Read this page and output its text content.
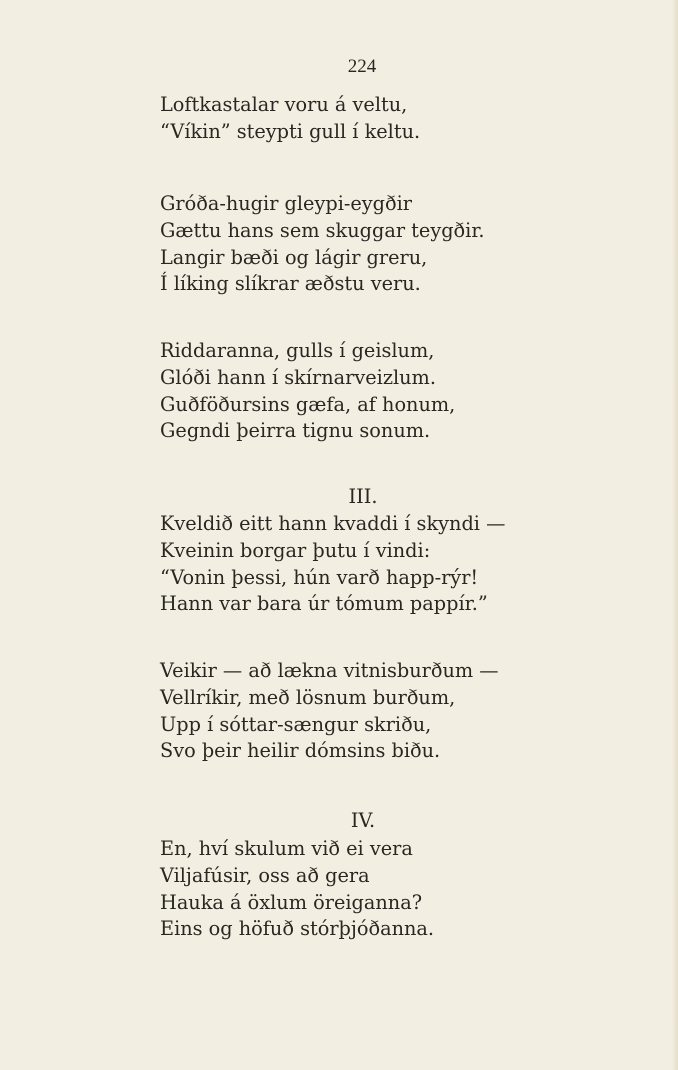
224
Loftkastalar voru á veltu,
“Víkin” steypti gull í keltu.
Gróða-hugir gleypi-eygðir
Gættu hans sem skuggar teygðir.
Langir bæði og lágir greru,
Í líking slíkrar æðstu veru.
Riddaranna, gulls í geislum,
Glóði hann í skírnarveizlum.
Guðföðursins gæfa, af honum,
Gegndi þeirra tignu sonum.
III.
Kveldið eitt hann kvaddi í skyndi —
Kveinin borgar þutu í vindi:
“Vonin þessi, hún varð happ-rýr!
Hann var bara úr tómum pappír.”
Veikir — að lækna vitnisburðum —
Vellríkir, með lösnum burðum,
Upp í sóttar-sængur skriðu,
Svo þeir heilir dómsins biðu.
IV.
En, hví skulum við ei vera
Viljafúsir, oss að gera
Hauka á öxlum öreiganna?
Eins og höfuð stórþjóðanna.
